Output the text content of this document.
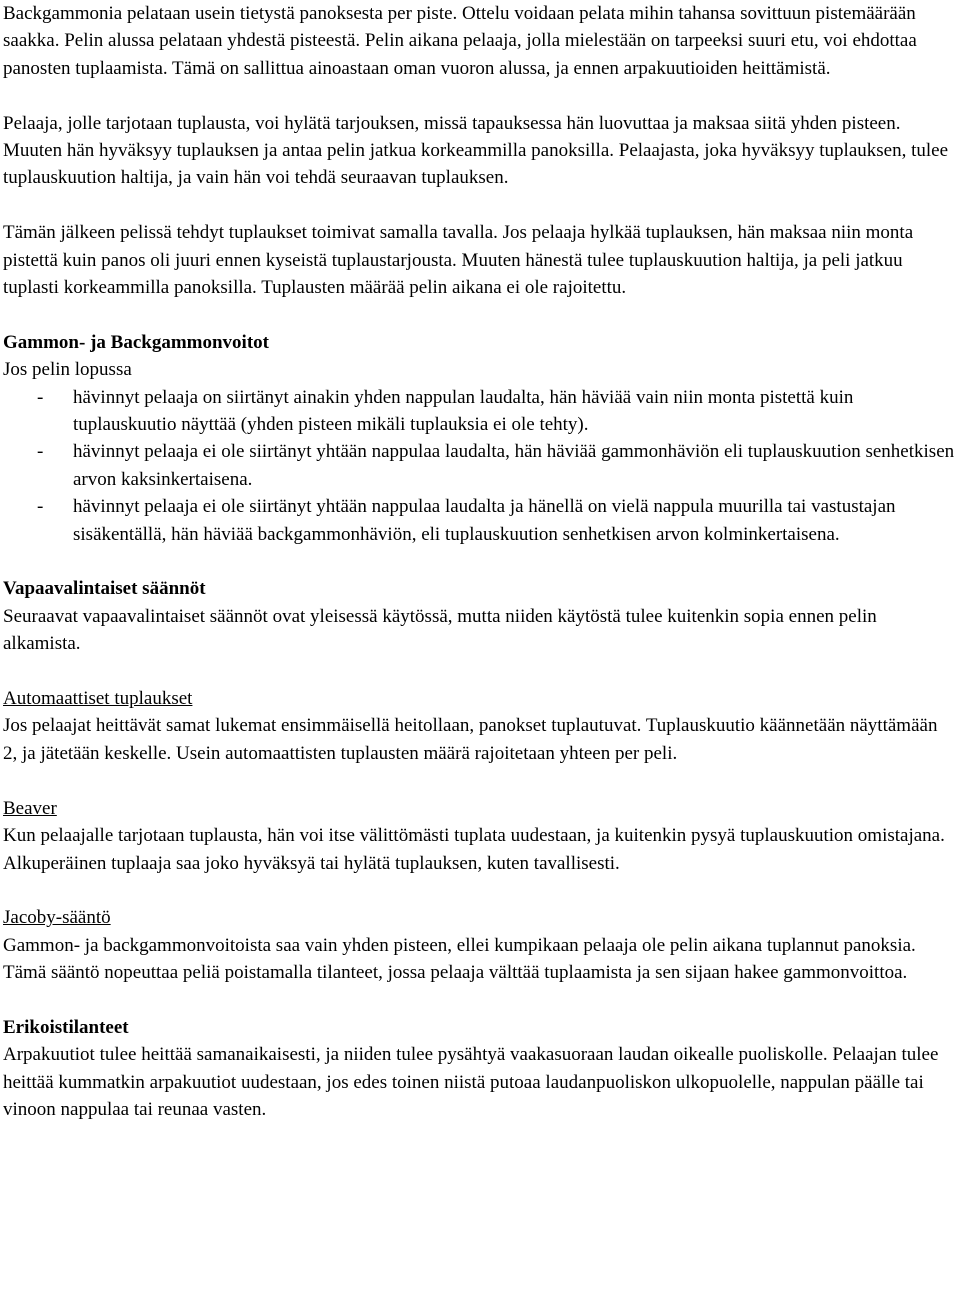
Backgammonia pelataan usein tietystä panoksesta per piste. Ottelu voidaan pelata mihin tahansa sovittuun pistemäärään saakka. Pelin alussa pelataan yhdestä pisteestä. Pelin aikana pelaaja, jolla mielestään on tarpeeksi suuri etu, voi ehdottaa panosten tuplaamista. Tämä on sallittua ainoastaan oman vuoron alussa, ja ennen arpakuutioiden heittämistä.

Pelaaja, jolle tarjotaan tuplausta, voi hylätä tarjouksen, missä tapauksessa hän luovuttaa ja maksaa siitä yhden pisteen. Muuten hän hyväksyy tuplauksen ja antaa pelin jatkua korkeammilla panoksilla. Pelaajasta, joka hyväksyy tuplauksen, tulee tuplauskuution haltija, ja vain hän voi tehdä seuraavan tuplauksen.

Tämän jälkeen pelissä tehdyt tuplaukset toimivat samalla tavalla. Jos pelaaja hylkää tuplauksen, hän maksaa niin monta pistettä kuin panos oli juuri ennen kyseistä tuplaustarjousta. Muuten hänestä tulee tuplauskuution haltija, ja peli jatkuu tuplasti korkeammilla panoksilla. Tuplausten määrää pelin aikana ei ole rajoitettu.

Gammon- ja Backgammonvoitot

Jos pelin lopussa

- hävinnyt pelaaja on siirtänyt ainakin yhden nappulan laudalta, hän häviää vain niin monta pistettä kuin tuplauskuutio näyttää (yhden pisteen mikäli tuplauksia ei ole tehty).
- hävinnyt pelaaja ei ole siirtänyt yhtään nappulaa laudalta, hän häviää gammonhäviön eli tuplauskuution senhetkisen arvon kaksinkertaisena.
- hävinnyt pelaaja ei ole siirtänyt yhtään nappulaa laudalta ja hänellä on vielä nappula muurilla tai vastustajan sisäkentällä, hän häviää backgammonhäviön, eli tuplauskuution senhetkisen arvon kolminkertaisena.

Vapaavalintaiset säännöt

Seuraavat vapaavalintaiset säännöt ovat yleisessä käytössä, mutta niiden käytöstä tulee kuitenkin sopia ennen pelin alkamista.

Automaattiset tuplaukset

Jos pelaajat heittävät samat lukemat ensimmäisellä heitollaan, panokset tuplautuvat. Tuplauskuutio käännetään näyttämään 2, ja jätetään keskelle. Usein automaattisten tuplausten määrä rajoitetaan yhteen per peli.

Beaver

Kun pelaajalle tarjotaan tuplausta, hän voi itse välittömästi tuplata uudestaan, ja kuitenkin pysyä tuplauskuution omistajana. Alkuperäinen tuplaaja saa joko hyväksyä tai hylätä tuplauksen, kuten tavallisesti.

Jacoby-sääntö

Gammon- ja backgammonvoitoista saa vain yhden pisteen, ellei kumpikaan pelaaja ole pelin aikana tuplannut panoksia. Tämä sääntö nopeuttaa peliä poistamalla tilanteet, jossa pelaaja välttää tuplaamista ja sen sijaan hakee gammonvoittoa.

Erikoistilanteet

Arpakuutiot tulee heittää samanaikaisesti, ja niiden tulee pysähtyä vaakasuoraan laudan oikealle puoliskolle. Pelaajan tulee heittää kummatkin arpakuutiot uudestaan, jos edes toinen niistä putoaa laudanpuoliskon ulkopuolelle, nappulan päälle tai vinoon nappulaa tai reunaa vasten.
